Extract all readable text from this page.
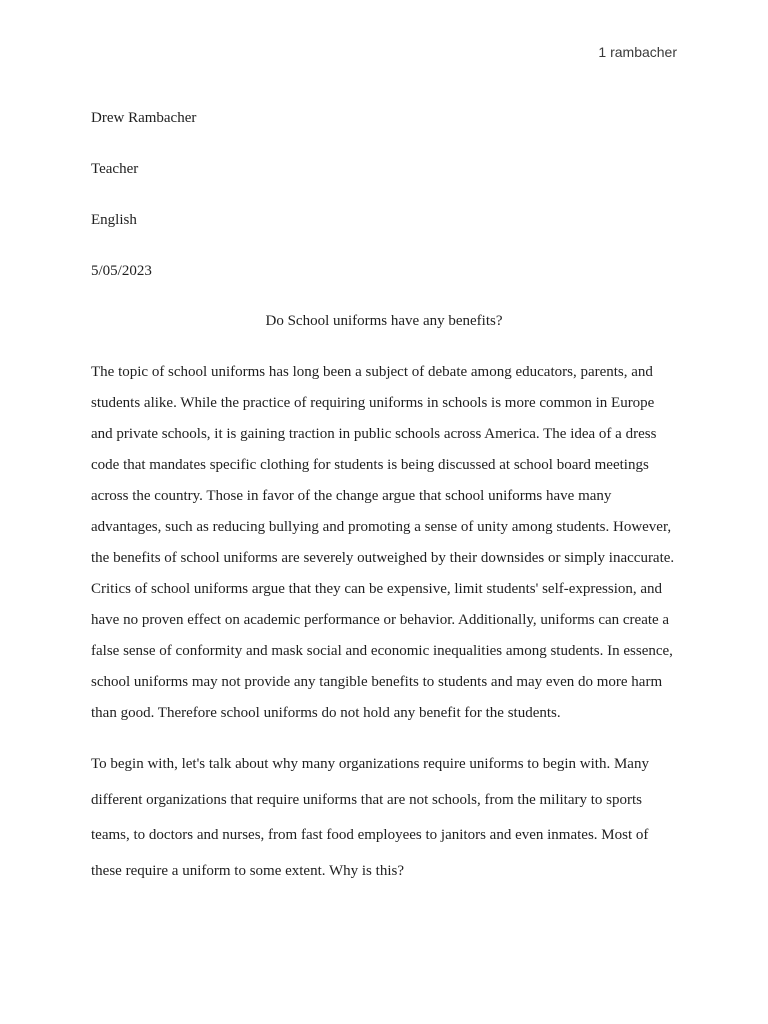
1 rambacher
Drew Rambacher
Teacher
English
5/05/2023
Do School uniforms have any benefits?
The topic of school uniforms has long been a subject of debate among educators, parents, and
students alike. While the practice of requiring uniforms in schools is more common in Europe
and private schools, it is gaining traction in public schools across America. The idea of a dress
code that mandates specific clothing for students is being discussed at school board meetings
across the country. Those in favor of the change argue that school uniforms have many
advantages, such as reducing bullying and promoting a sense of unity among students. However,
the benefits of school uniforms are severely outweighed by their downsides or simply inaccurate.
Critics of school uniforms argue that they can be expensive, limit students' self-expression, and
have no proven effect on academic performance or behavior. Additionally, uniforms can create a
false sense of conformity and mask social and economic inequalities among students. In essence,
school uniforms may not provide any tangible benefits to students and may even do more harm
than good. Therefore school uniforms do not hold any benefit for the students.
To begin with, let's talk about why many organizations require uniforms to begin with. Many
different organizations that require uniforms that are not schools, from the military to sports
teams, to doctors and nurses, from fast food employees to janitors and even inmates. Most of
these require a uniform to some extent. Why is this?
